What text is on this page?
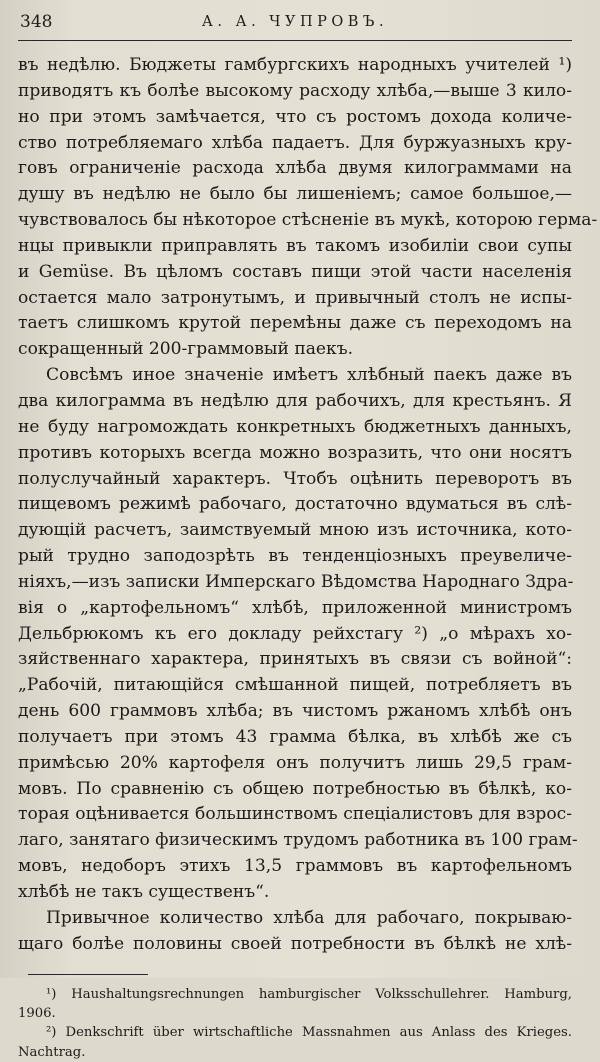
348	А. А. ЧУПРОВЪ.
въ недѣлю. Бюджеты гамбургскихъ народныхъ учителей ¹)
приводятъ къ болѣе высокому расходу хлѣба,—выше 3 кило-
но при этомъ замѣчается, что съ ростомъ дохода количе-
ство потребляемаго хлѣба падаетъ. Для буржуазныхъ кру-
говъ ограниченіе расхода хлѣба двумя килограммами на
душу въ недѣлю не было бы лишеніемъ; самое большое,—
чувствовалось бы нѣкоторое стѣсненіе въ мукѣ, которою герма-
нцы привыкли приправлять въ такомъ изобиліи свои супы
и Gemüse. Въ цѣломъ составъ пищи этой части населенія
остается мало затронутымъ, и привычный столъ не испы-
таетъ слишкомъ крутой перемѣны даже съ переходомъ на
сокращенный 200-граммовый паекъ.
Совсѣмъ иное значеніе имѣетъ хлѣбный паекъ даже въ
два килограмма въ недѣлю для рабочихъ, для крестьянъ. Я
не буду нагромождать конкретныхъ бюджетныхъ данныхъ,
противъ которыхъ всегда можно возразить, что они носятъ
полуслучайный характеръ. Чтобъ оцѣнить переворотъ въ
пищевомъ режимѣ рабочаго, достаточно вдуматься въ слѣ-
дующій расчетъ, заимствуемый мною изъ источника, кото-
рый трудно заподозрѣть въ тенденціозныхъ преувеличе-
ніяхъ,—изъ записки Имперскаго Вѣдомства Народнаго Здра-
вія о „картофельномъ“ хлѣбѣ, приложенной министромъ
Дельбрюкомъ къ его докладу рейхстагу ²) „о мѣрахъ хо-
зяйственнаго характера, принятыхъ въ связи съ войной“:
„Рабочій, питающійся смѣшанной пищей, потребляетъ въ
день 600 граммовъ хлѣба; въ чистомъ ржаномъ хлѣбѣ онъ
получаетъ при этомъ 43 грамма бѣлка, въ хлѣбѣ же съ
примѣсью 20% картофеля онъ получитъ лишь 29,5 грам-
мовъ. По сравненію съ общею потребностью въ бѣлкѣ, ко-
торая оцѣнивается большинствомъ спеціалистовъ для взрос-
лаго, занятаго физическимъ трудомъ работника въ 100 грам-
мовъ, недоборъ этихъ 13,5 граммовъ въ картофельномъ
хлѣбѣ не такъ существенъ“.
Привычное количество хлѣба для рабочаго, покрываю-
щаго болѣе половины своей потребности въ бѣлкѣ не хлѣ-
¹) Haushaltungsrechnungen hamburgischer Volksschullehrer. Hamburg,
1906.
²) Denkschrift über wirtschaftliche Massnahmen aus Anlass des Krieges.
Nachtrag.
